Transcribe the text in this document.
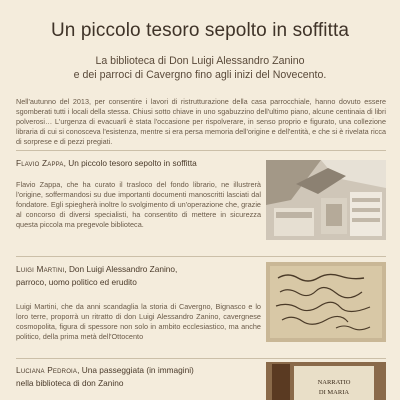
Un piccolo tesoro sepolto in soffitta
La biblioteca di Don Luigi Alessandro Zanino
e dei parroci di Cavergno fino agli inizi del Novecento.
Nell'autunno del 2013, per consentire i lavori di ristrutturazione della casa parrocchiale, hanno dovuto essere sgomberati tutti i locali della stessa. Chiusi sotto chiave in uno sgabuzzino dell'ultimo piano, alcune centinaia di libri polverosi… L'urgenza di evacuarli è stata l'occasione per rispolverare, in senso proprio e figurato, una collezione libraria di cui si conosceva l'esistenza, mentre si era persa memoria dell'origine e dell'entità, e che si è rivelata ricca di sorprese e di pezzi pregiati.
Flavio Zappa, Un piccolo tesoro sepolto in soffitta
Flavio Zappa, che ha curato il trasloco del fondo librario, ne illustrerà l'origine, soffermandosi su due importanti documenti manoscritti lasciati dal fondatore. Egli spiegherà inoltre lo svolgimento di un'operazione che, grazie al concorso di diversi specialisti, ha consentito di mettere in sicurezza questa piccola ma pregevole biblioteca.
Luigi Martini, Don Luigi Alessandro Zanino,
parroco, uomo politico ed erudito
Luigi Martini, che da anni scandaglia la storia di Cavergno, Bignasco e lo loro terre, proporrà un ritratto di don Luigi Alessandro Zanino, cavergnese cosmopolita, figura di spessore non solo in ambito ecclesiastico, ma anche politico, della prima metà dell'Ottocento
Luciana Pedroia, Una passeggiata (in immagini)
nella biblioteca di don Zanino	NARRATIO
DI MARIA
